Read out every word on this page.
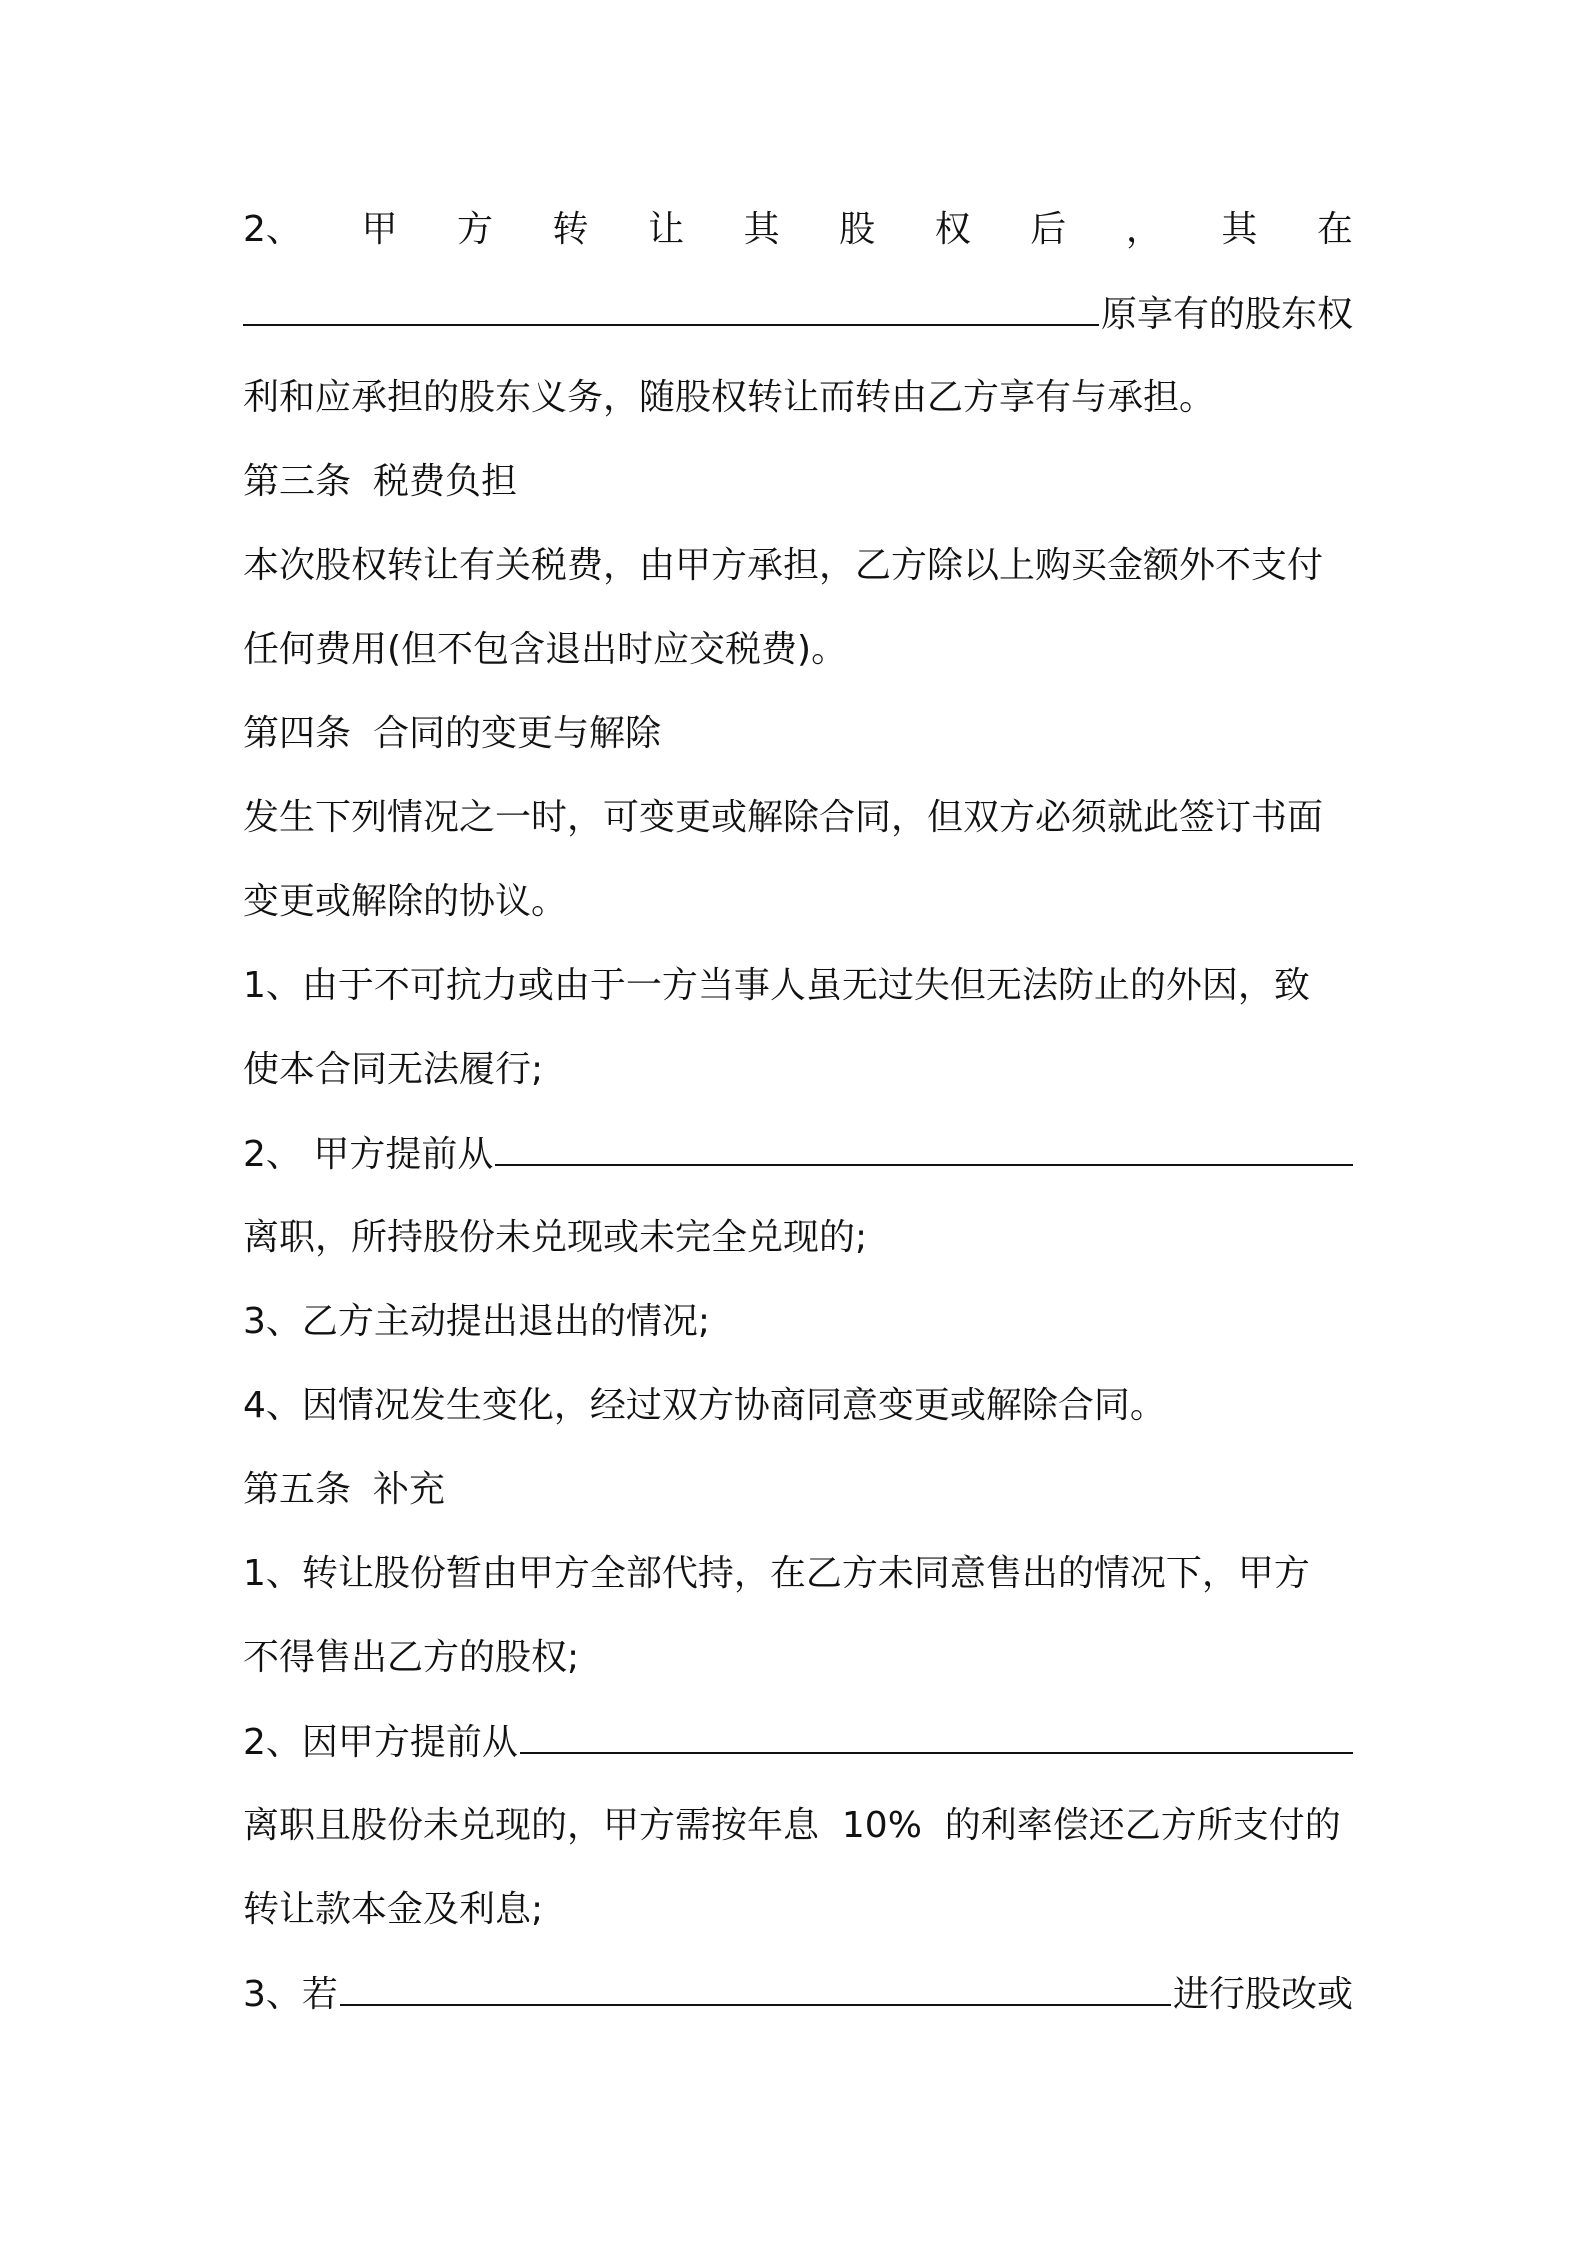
2、 甲 方 转 让 其 股 权 后 ， 其 在
原享有的股东权
利和应承担的股东义务，随股权转让而转由乙方享有与承担。
第三条 税费负担
本次股权转让有关税费，由甲方承担，乙方除以上购买金额外不支付
任何费用(但不包含退出时应交税费)。
第四条 合同的变更与解除
发生下列情况之一时，可变更或解除合同，但双方必须就此签订书面
变更或解除的协议。
1、由于不可抗力或由于一方当事人虽无过失但无法防止的外因，致
使本合同无法履行;
2、 甲方提前从
离职，所持股份未兑现或未完全兑现的;
3、乙方主动提出退出的情况;
4、因情况发生变化，经过双方协商同意变更或解除合同。
第五条 补充
1、转让股份暂由甲方全部代持，在乙方未同意售出的情况下，甲方
不得售出乙方的股权;
2、因甲方提前从
离职且股份未兑现的，甲方需按年息  10%  的利率偿还乙方所支付的
转让款本金及利息;
3、若	进行股改或
